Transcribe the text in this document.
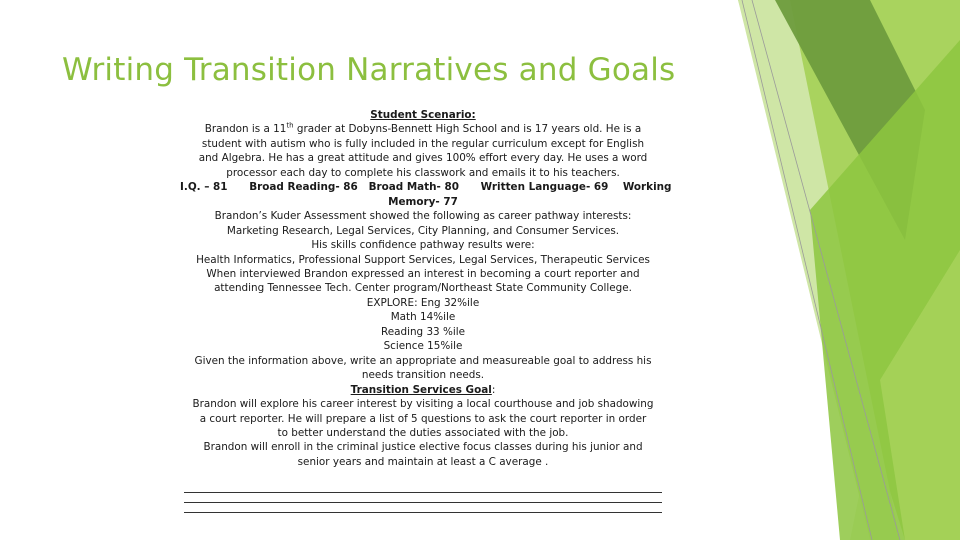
Writing Transition Narratives and Goals
Student Scenario:
Brandon is a 11th grader at Dobyns-Bennett High School and is 17 years old. He is a
student with autism who is fully included in the regular curriculum except for English
and Algebra. He has a great attitude and gives 100% effort every day. He uses a word
processor each day to complete his classwork and emails it to his teachers.
I.Q. – 81      Broad Reading- 86   Broad Math- 80      Written Language- 69    Working
Memory- 77
Brandon’s Kuder Assessment showed the following as career pathway interests:
Marketing Research, Legal Services, City Planning, and Consumer Services.
His skills confidence pathway results were:
Health Informatics, Professional Support Services, Legal Services, Therapeutic Services
When interviewed Brandon expressed an interest in becoming a court reporter and
attending Tennessee Tech. Center program/Northeast State Community College.
EXPLORE: Eng 32%ile
Math 14%ile
Reading 33 %ile
Science 15%ile
Given the information above, write an appropriate and measureable goal to address his
needs transition needs.
Transition Services Goal:
Brandon will explore his career interest by visiting a local courthouse and job shadowing
a court reporter. He will prepare a list of 5 questions to ask the court reporter in order
to better understand the duties associated with the job.
Brandon will enroll in the criminal justice elective focus classes during his junior and
senior years and maintain at least a C average .
